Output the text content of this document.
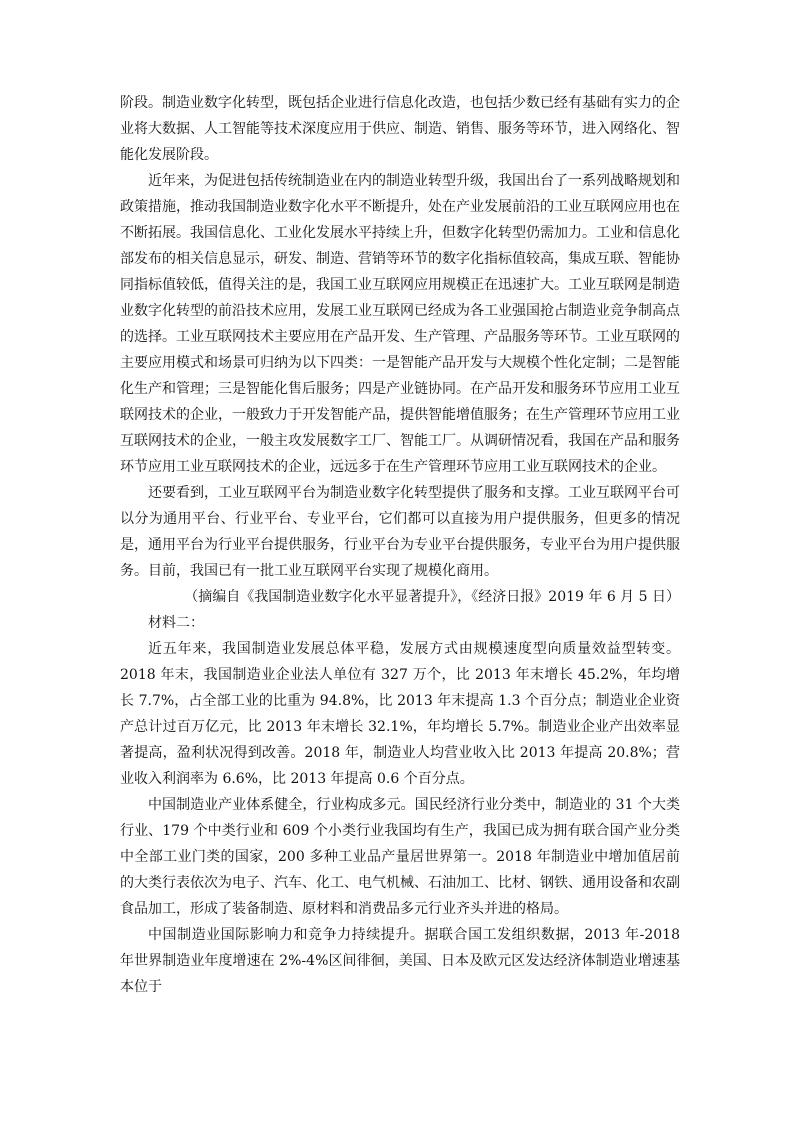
阶段。制造业数字化转型，既包括企业进行信息化改造，也包括少数已经有基础有实力的企业将大数据、人工智能等技术深度应用于供应、制造、销售、服务等环节，进入网络化、智能化发展阶段。

近年来，为促进包括传统制造业在内的制造业转型升级，我国出台了一系列战略规划和政策措施，推动我国制造业数字化水平不断提升，处在产业发展前沿的工业互联网应用也在不断拓展。我国信息化、工业化发展水平持续上升，但数字化转型仍需加力。工业和信息化部发布的相关信息显示，研发、制造、营销等环节的数字化指标值较高，集成互联、智能协同指标值较低，值得关注的是，我国工业互联网应用规模正在迅速扩大。工业互联网是制造业数字化转型的前沿技术应用，发展工业互联网已经成为各工业强国抢占制造业竞争制高点的选择。工业互联网技术主要应用在产品开发、生产管理、产品服务等环节。工业互联网的主要应用模式和场景可归纳为以下四类：一是智能产品开发与大规模个性化定制；二是智能化生产和管理；三是智能化售后服务；四是产业链协同。在产品开发和服务环节应用工业互联网技术的企业，一般致力于开发智能产品，提供智能增值服务；在生产管理环节应用工业互联网技术的企业，一般主攻发展数字工厂、智能工厂。从调研情况看，我国在产品和服务环节应用工业互联网技术的企业，远远多于在生产管理环节应用工业互联网技术的企业。

还要看到，工业互联网平台为制造业数字化转型提供了服务和支撑。工业互联网平台可以分为通用平台、行业平台、专业平台，它们都可以直接为用户提供服务，但更多的情况是，通用平台为行业平台提供服务，行业平台为专业平台提供服务，专业平台为用户提供服务。目前，我国已有一批工业互联网平台实现了规模化商用。

（摘编自《我国制造业数字化水平显著提升》，《经济日报》2019 年 6 月 5 日）

材料二：

近五年来，我国制造业发展总体平稳，发展方式由规模速度型向质量效益型转变。2018 年末，我国制造业企业法人单位有 327 万个，比 2013 年末增长 45.2%，年均增长 7.7%，占全部工业的比重为 94.8%，比 2013 年末提高 1.3 个百分点；制造业企业资产总计过百万亿元，比 2013 年末增长 32.1%，年均增长 5.7%。制造业企业产出效率显著提高，盈利状况得到改善。2018 年，制造业人均营业收入比 2013 年提高 20.8%；营业收入利润率为 6.6%，比 2013 年提高 0.6 个百分点。

中国制造业产业体系健全，行业构成多元。国民经济行业分类中，制造业的 31 个大类行业、179 个中类行业和 609 个小类行业我国均有生产，我国已成为拥有联合国产业分类中全部工业门类的国家，200 多种工业品产量居世界第一。2018 年制造业中增加值居前的大类行表依次为电子、汽车、化工、电气机械、石油加工、比材、钢铁、通用设备和农副食品加工，形成了装备制造、原材料和消费品多元行业齐头并进的格局。

中国制造业国际影响力和竞争力持续提升。据联合国工发组织数据，2013 年-2018 年世界制造业年度增速在 2%-4%区间徘徊，美国、日本及欧元区发达经济体制造业增速基本位于
